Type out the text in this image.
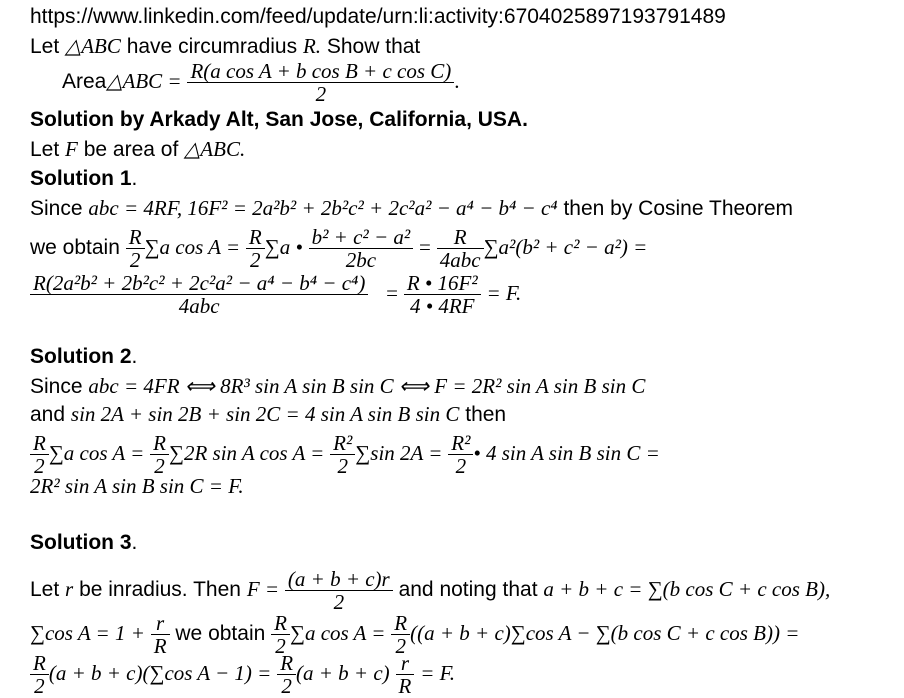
https://www.linkedin.com/feed/update/urn:li:activity:6704025897193791489
Let △ABC have circumradius R. Show that
Area△ABC = $\frac{\text{R(a cos A + b cos B + c cos C)}}{2}$ .
Solution by Arkady Alt, San Jose, California, USA.
Let F be area of △ABC.
Solution 1.
Since abc = 4RF, 16F² = 2a²b² + 2b²c² + 2c²a² − a⁴ − b⁴ − c⁴ then by Cosine Theorem
we obtain $\frac{R}{2} \sum a$ $\cos A = \frac{R}{2} \sum a$ • $\frac{\text{b² + c² − a²}}{2bc} = \frac{R}{\text{4abc}} \sum a^2(b^2 + c^2 - a^2)$ =
$\frac{\text{R(2a²b² + 2b²c² + 2c²a² − a⁴ − b⁴ − c⁴)}}{\text{4abc}} = \frac{\text{R • 16F²}}{4 • 4RF} = F$.
Solution 2.
Since abc = 4FR ⟺ 8R³ sin A sin B sin C ⟺ F = 2R² sin A sin B sin C
and sin 2A + sin 2B + sin 2C = 4 sin A sin B sin C then
$\frac{R}{2} \sum a$ $\cos A = \frac{R}{2} \sum 2R$ sin A $\cos A = \frac{\text{R²}}{2} \sum\sin$ $2A = \frac{\text{R²}}{2}$ • 4 sin A sin B sin C =
2R² sin A sin B sin C = F.
Solution 3.
Let r be inradius. Then $F = \frac{(a + b + c)r}{2}$ and noting that a + b + c = ∑(b cos C + c cos B),
∑cos $A = 1 + \frac{r}{R}$ we obtain $\frac{R}{2} \sum a$ $\cos A = \frac{R}{2} ((a + b + c)\sum\cos$ A − ∑(b cos C + c cos B)) =
$\frac{R}{2} (a + b + c)(\sum\cos$ $A - 1) = \frac{R}{2} (a + b + c) \frac{r}{R} = F$.
